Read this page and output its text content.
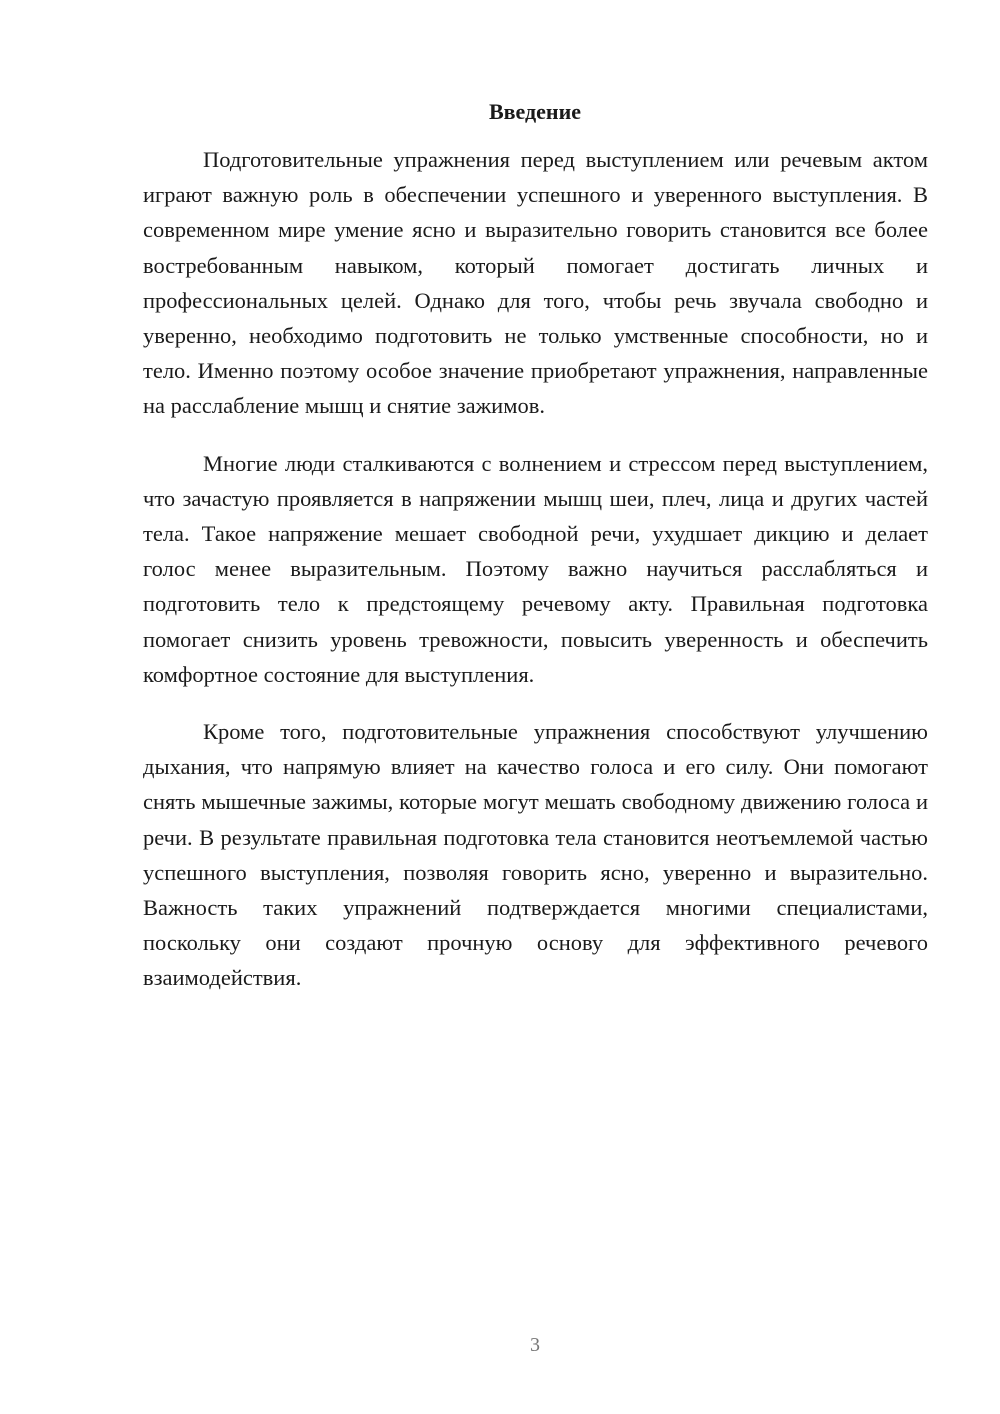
Введение

Подготовительные упражнения перед выступлением или речевым актом играют важную роль в обеспечении успешного и уверенного выступления. В современном мире умение ясно и выразительно говорить становится все более востребованным навыком, который помогает достигать личных и профессиональных целей. Однако для того, чтобы речь звучала свободно и уверенно, необходимо подготовить не только умственные способности, но и тело. Именно поэтому особое значение приобретают упражнения, направленные на расслабление мышц и снятие зажимов.

Многие люди сталкиваются с волнением и стрессом перед выступлением, что зачастую проявляется в напряжении мышц шеи, плеч, лица и других частей тела. Такое напряжение мешает свободной речи, ухудшает дикцию и делает голос менее выразительным. Поэтому важно научиться расслабляться и подготовить тело к предстоящему речевому акту. Правильная подготовка помогает снизить уровень тревожности, повысить уверенность и обеспечить комфортное состояние для выступления.

Кроме того, подготовительные упражнения способствуют улучшению дыхания, что напрямую влияет на качество голоса и его силу. Они помогают снять мышечные зажимы, которые могут мешать свободному движению голоса и речи. В результате правильная подготовка тела становится неотъемлемой частью успешного выступления, позволяя говорить ясно, уверенно и выразительно. Важность таких упражнений подтверждается многими специалистами, поскольку они создают прочную основу для эффективного речевого взаимодействия.

3
